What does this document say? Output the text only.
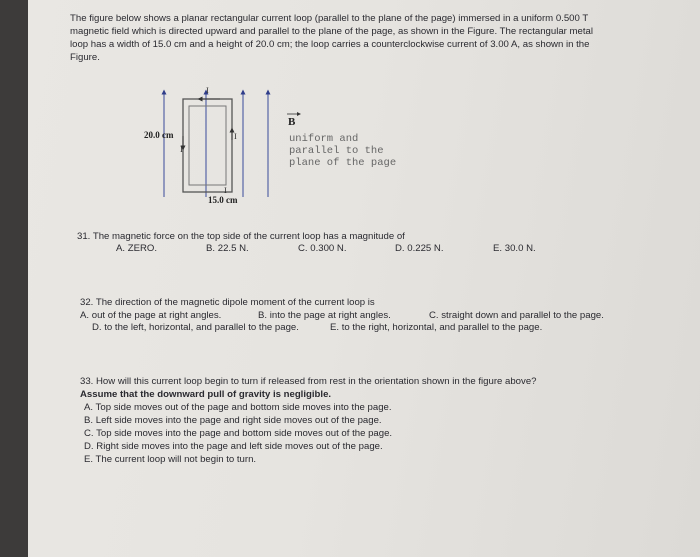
The figure below shows a planar rectangular current loop (parallel to the plane of the page) immersed in a uniform 0.500 T
magnetic field which is directed upward and parallel to the plane of the page, as shown in the Figure. The rectangular metal
loop has a width of 15.0 cm and a height of 20.0 cm; the loop carries a counterclockwise current of 3.00 A, as shown in the
Figure.
I
I
I
I
20.0 cm
15.0 cm
B
uniform and
parallel to the
plane of the page
31. The magnetic force on the top side of the current loop has a magnitude of
A. ZERO.	B. 22.5 N.	C. 0.300 N.	D. 0.225 N.	E. 30.0 N.
32. The direction of the magnetic dipole moment of the current loop is
A. out of the page at right angles.	B. into the page at right angles.	C. straight down and parallel to the page.
D. to the left, horizontal, and parallel to the page.	E. to the right, horizontal, and parallel to the page.
33. How will this current loop begin to turn if released from rest in the orientation shown in the figure above?
Assume that the downward pull of gravity is negligible.
A. Top side moves out of the page and bottom side moves into the page.
B. Left side moves into the page and right side moves out of the page.
C. Top side moves into the page and bottom side moves out of the page.
D. Right side moves into the page and left side moves out of the page.
E. The current loop will not begin to turn.
